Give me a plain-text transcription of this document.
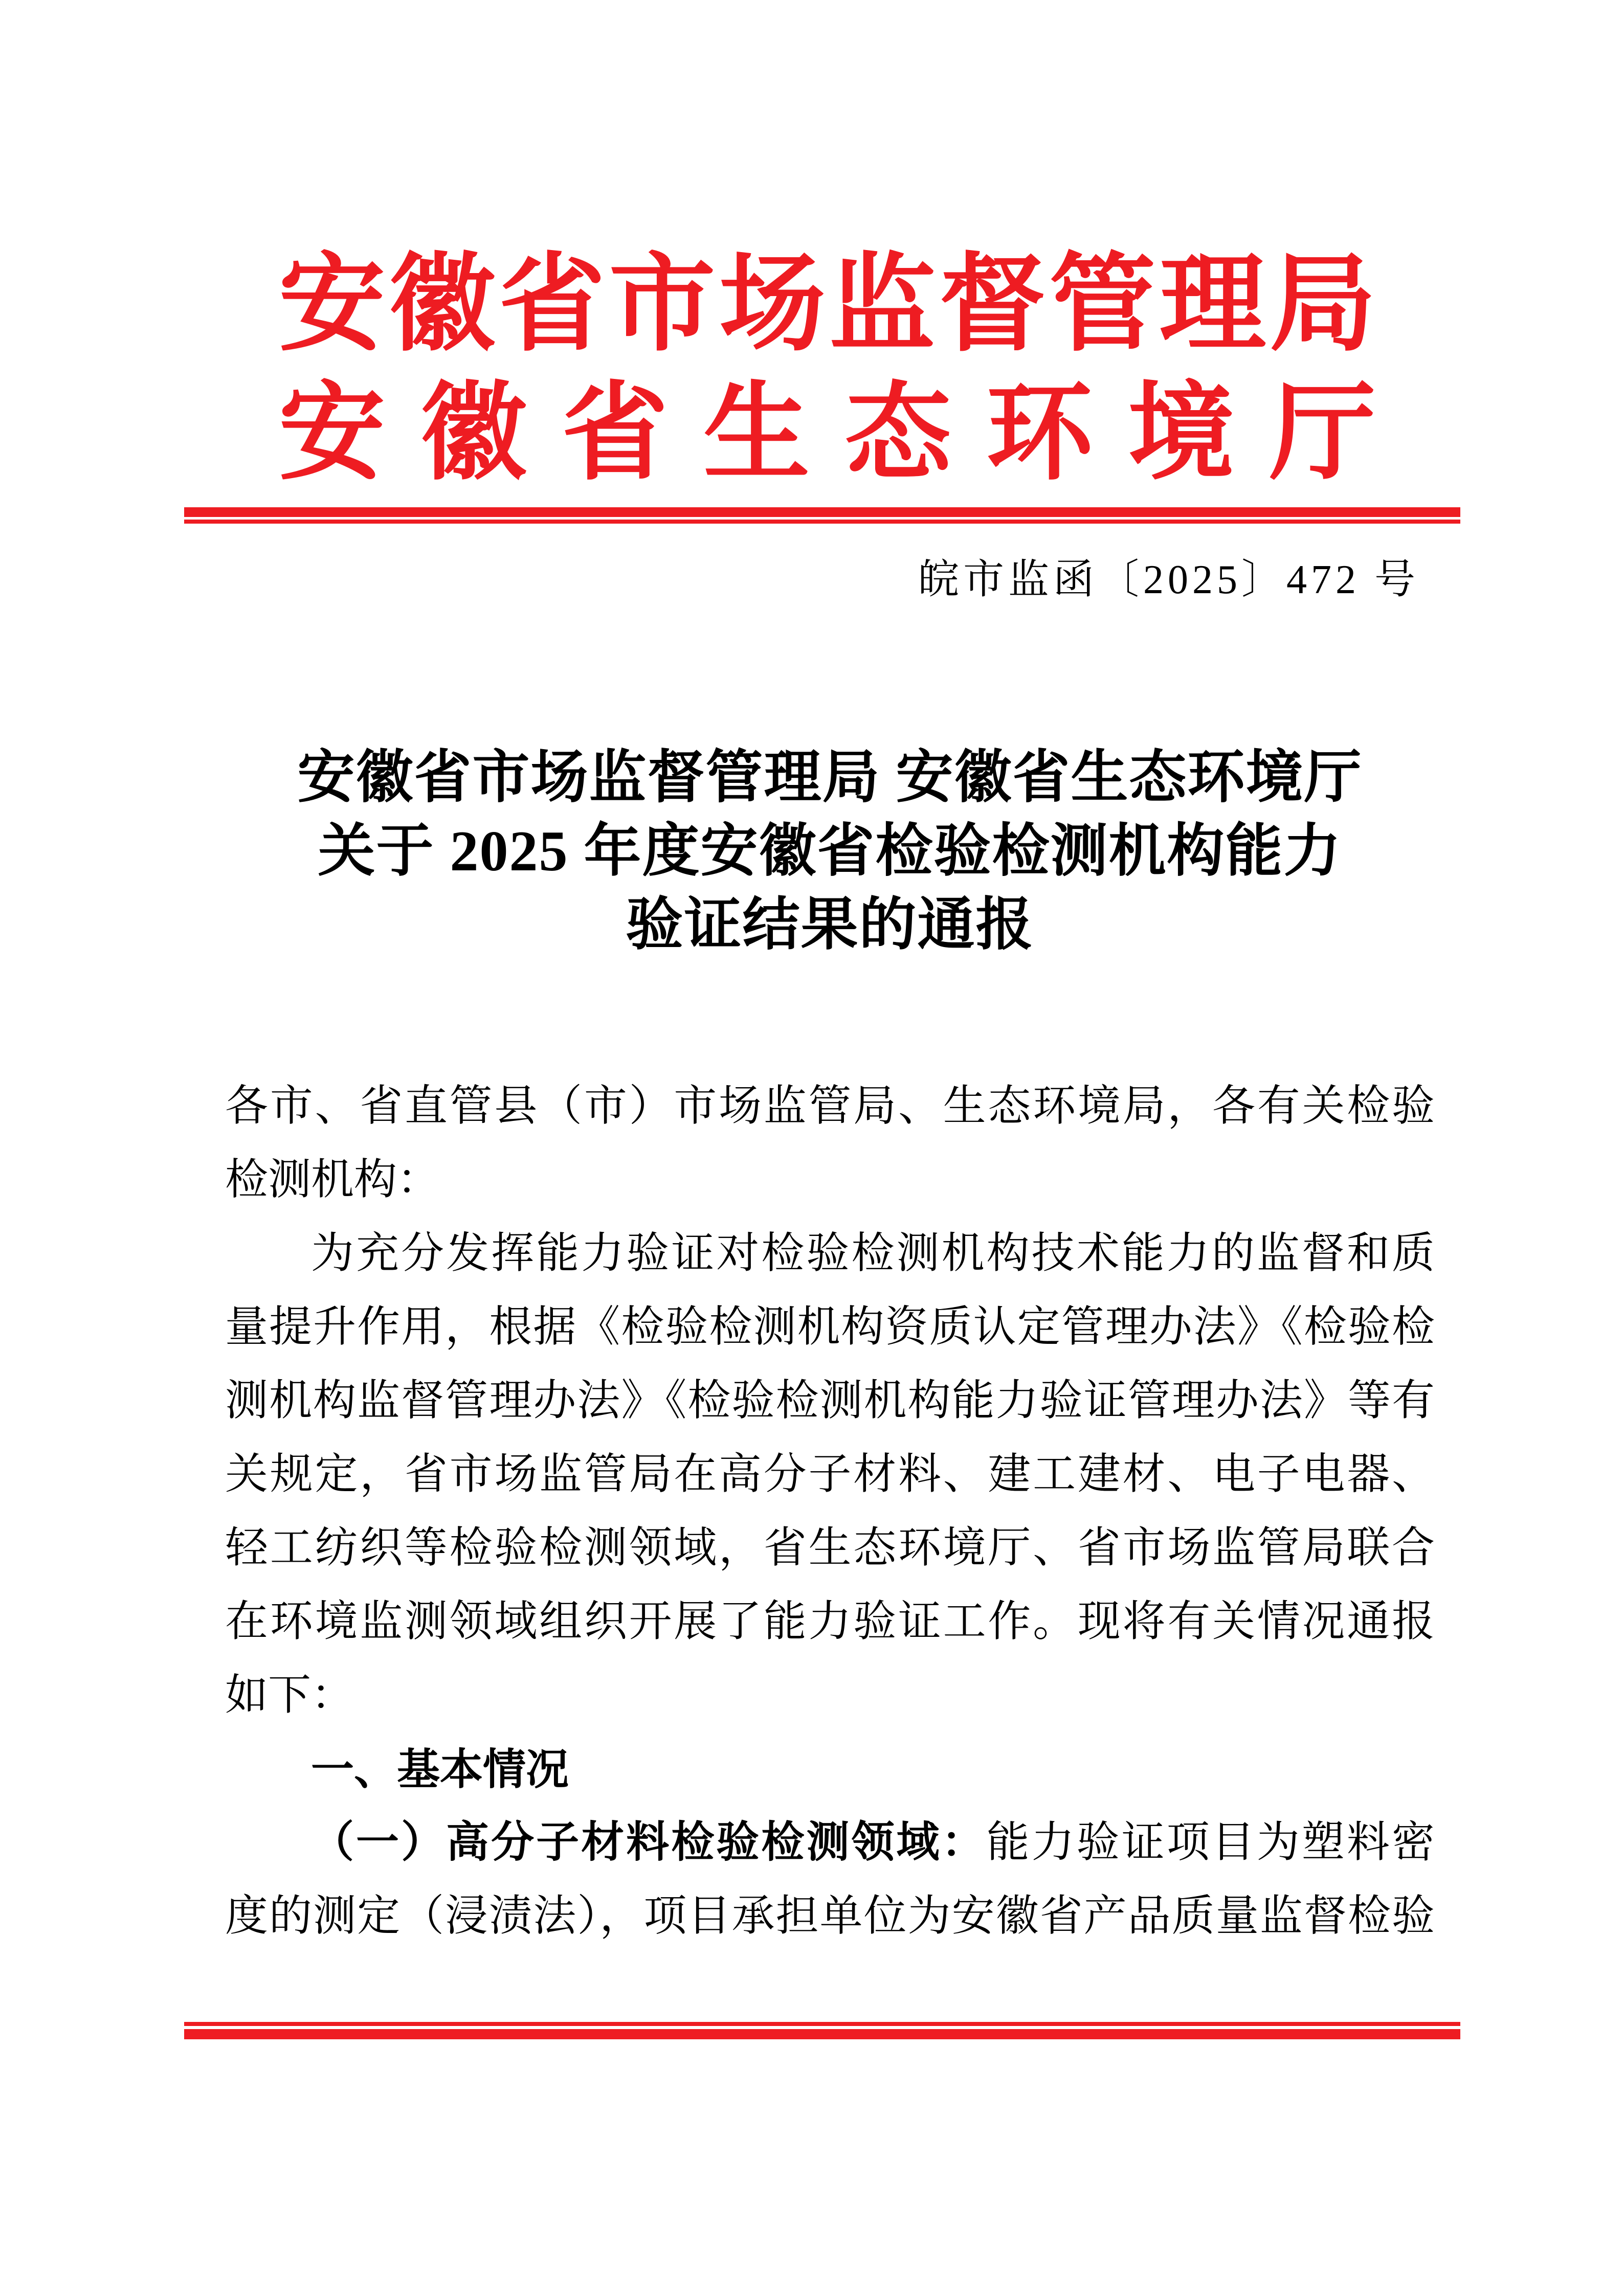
安 徽 省 市 场 监 督 管 理 局
安 徽 省 生 态 环 境 厅
皖市监函〔2025〕472 号
安徽省市场监督管理局 安徽省生态环境厅
关于 2025 年度安徽省检验检测机构能力
验证结果的通报
各市、省直管县（市）市场监管局、生态环境局，各有关检验
检测机构：
为充分发挥能力验证对检验检测机构技术能力的监督和质
量提升作用，根据《检验检测机构资质认定管理办法》《检验检
测机构监督管理办法》《检验检测机构能力验证管理办法》等有
关规定，省市场监管局在高分子材料、建工建材、电子电器、
轻工纺织等检验检测领域，省生态环境厅、省市场监管局联合
在环境监测领域组织开展了能力验证工作。现将有关情况通报
如下：
一、基本情况
（一）高分子材料检验检测领域：能力验证项目为塑料密
度的测定（浸渍法），项目承担单位为安徽省产品质量监督检验
